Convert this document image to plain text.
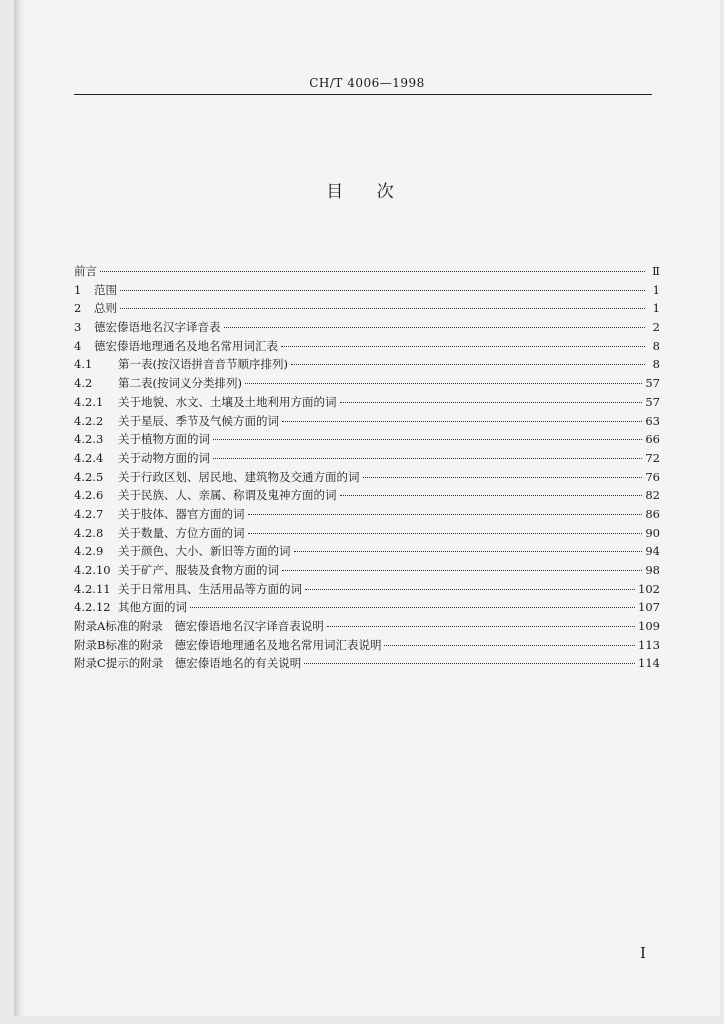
CH/T 4006—1998
目 次
前言	Ⅱ
1	范围	1
2	总则	1
3	德宏傣语地名汉字译音表	2
4	德宏傣语地理通名及地名常用词汇表	8
4.1	第一表(按汉语拼音音节顺序排列)	8
4.2	第二表(按词义分类排列)	57
4.2.1	关于地貌、水文、土壤及土地利用方面的词	57
4.2.2	关于星辰、季节及气候方面的词	63
4.2.3	关于植物方面的词	66
4.2.4	关于动物方面的词	72
4.2.5	关于行政区划、居民地、建筑物及交通方面的词	76
4.2.6	关于民族、人、亲属、称谓及鬼神方面的词	82
4.2.7	关于肢体、器官方面的词	86
4.2.8	关于数量、方位方面的词	90
4.2.9	关于颜色、大小、新旧等方面的词	94
4.2.10 关于矿产、服装及食物方面的词	98
4.2.11 关于日常用具、生活用品等方面的词	102
4.2.12 其他方面的词	107
附录A标准的附录　德宏傣语地名汉字译音表说明	109
附录B标准的附录　德宏傣语地理通名及地名常用词汇表说明	113
附录C提示的附录　德宏傣语地名的有关说明	114
I
